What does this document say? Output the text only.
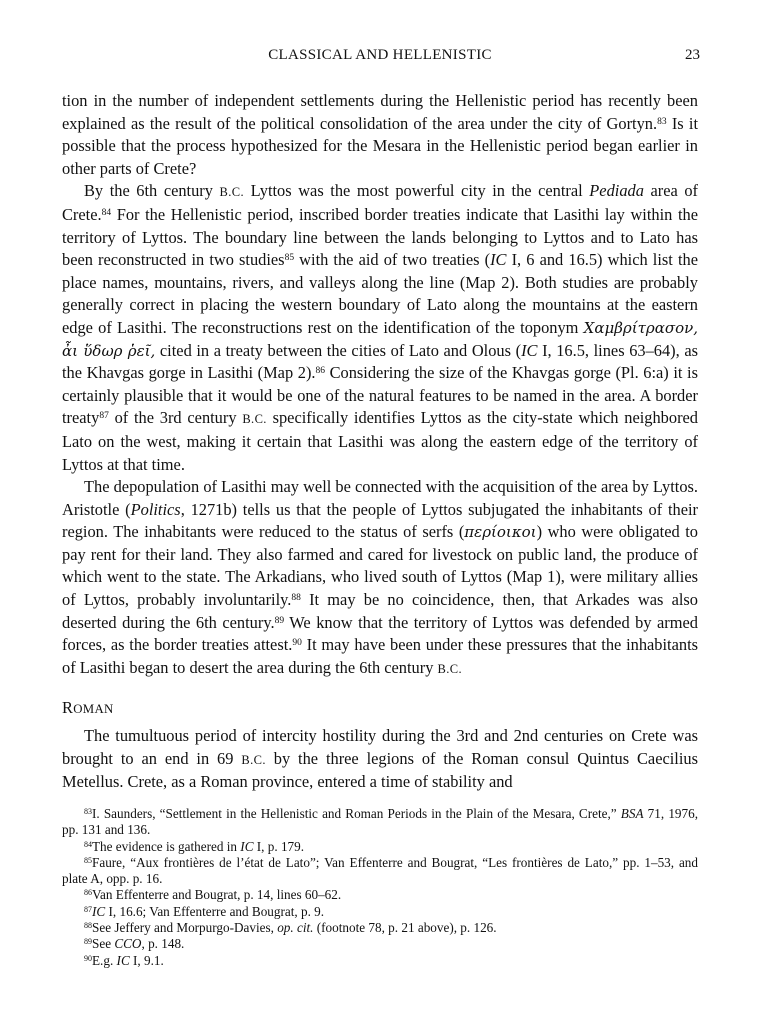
CLASSICAL AND HELLENISTIC	23

tion in the number of independent settlements during the Hellenistic period has recently been explained as the result of the political consolidation of the area under the city of Gortyn.$^{83}$ Is it possible that the process hypothesized for the Mesara in the Hellenistic period began earlier in other parts of Crete?

By the 6th century B.C. Lyttos was the most powerful city in the central Pediada area of Crete.$^{84}$ For the Hellenistic period, inscribed border treaties indicate that Lasithi lay within the territory of Lyttos. The boundary line between the lands belonging to Lyttos and to Lato has been reconstructed in two studies$^{85}$ with the aid of two treaties (IC I, 6 and 16.5) which list the place names, mountains, rivers, and valleys along the line (Map 2). Both studies are probably generally correct in placing the western boundary of Lato along the mountains at the eastern edge of Lasithi. The reconstructions rest on the identification of the toponym Χαμβρίτρασον, ἆι ὕδωρ ῥεῖ, cited in a treaty between the cities of Lato and Olous (IC I, 16.5, lines 63–64), as the Khavgas gorge in Lasithi (Map 2).$^{86}$ Considering the size of the Khavgas gorge (Pl. 6:a) it is certainly plausible that it would be one of the natural features to be named in the area. A border treaty$^{87}$ of the 3rd century B.C. specifically identifies Lyttos as the city-state which neighbored Lato on the west, making it certain that Lasithi was along the eastern edge of the territory of Lyttos at that time.

The depopulation of Lasithi may well be connected with the acquisition of the area by Lyttos. Aristotle (Politics, 1271b) tells us that the people of Lyttos subjugated the inhabitants of their region. The inhabitants were reduced to the status of serfs (περίοικοι) who were obligated to pay rent for their land. They also farmed and cared for livestock on public land, the produce of which went to the state. The Arkadians, who lived south of Lyttos (Map 1), were military allies of Lyttos, probably involuntarily.$^{88}$ It may be no coincidence, then, that Arkades was also deserted during the 6th century.$^{89}$ We know that the territory of Lyttos was defended by armed forces, as the border treaties attest.$^{90}$ It may have been under these pressures that the inhabitants of Lasithi began to desert the area during the 6th century B.C.

ROMAN

The tumultuous period of intercity hostility during the 3rd and 2nd centuries on Crete was brought to an end in 69 B.C. by the three legions of the Roman consul Quintus Caecilius Metellus. Crete, as a Roman province, entered a time of stability and

$^{83}$I. Saunders, “Settlement in the Hellenistic and Roman Periods in the Plain of the Mesara, Crete,” BSA 71, 1976, pp. 131 and 136.

$^{84}$The evidence is gathered in IC I, p. 179.

$^{85}$Faure, “Aux frontières de l’état de Lato”; Van Effenterre and Bougrat, “Les frontières de Lato,” pp. 1–53, and plate A, opp. p. 16.

$^{86}$Van Effenterre and Bougrat, p. 14, lines 60–62.

$^{87}$IC I, 16.6; Van Effenterre and Bougrat, p. 9.

$^{88}$See Jeffery and Morpurgo-Davies, op. cit. (footnote 78, p. 21 above), p. 126.

$^{89}$See CCO, p. 148.

$^{90}$E.g. IC I, 9.1.
